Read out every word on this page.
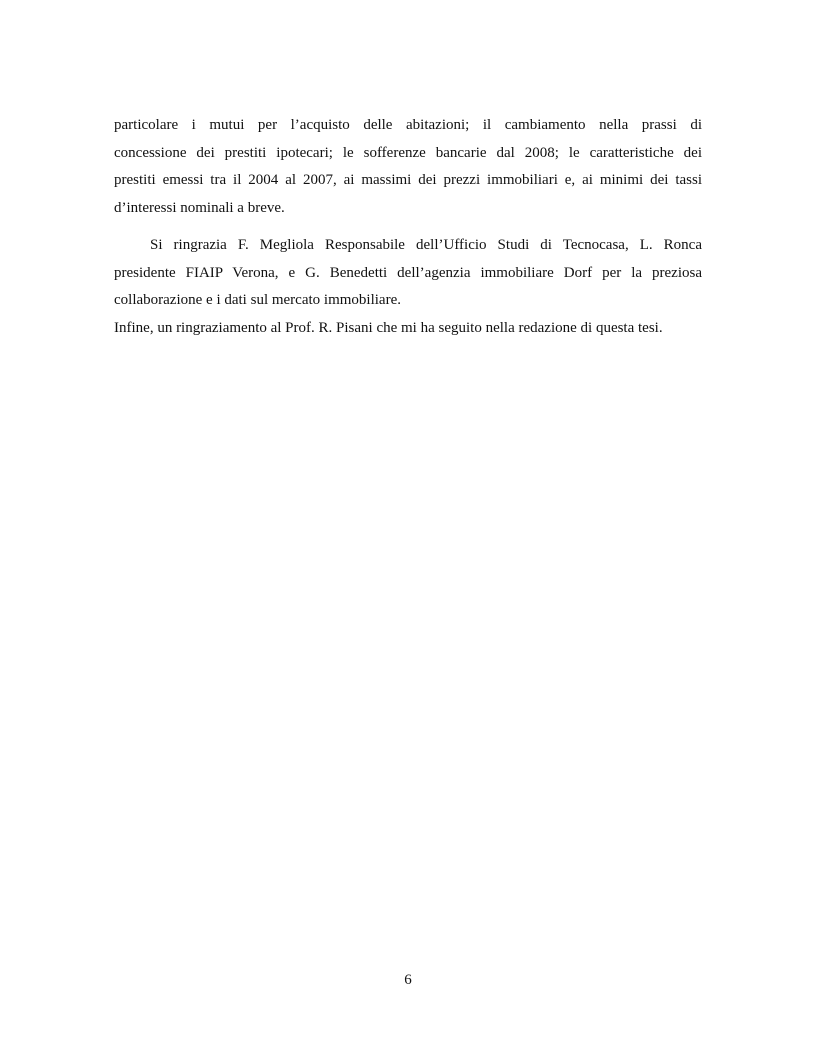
particolare i mutui per l’acquisto delle abitazioni; il cambiamento nella prassi di
concessione dei prestiti ipotecari; le sofferenze bancarie dal 2008; le caratteristiche dei
prestiti emessi tra il 2004 al 2007, ai massimi dei prezzi immobiliari e, ai minimi dei tassi
d’interessi nominali a breve.

Si ringrazia F. Megliola Responsabile dell’Ufficio Studi di Tecnocasa, L. Ronca
presidente FIAIP Verona, e G. Benedetti dell’agenzia immobiliare Dorf per la preziosa
collaborazione e i dati sul mercato immobiliare.

Infine, un ringraziamento al Prof. R. Pisani che mi ha seguito nella redazione di questa tesi.

6
